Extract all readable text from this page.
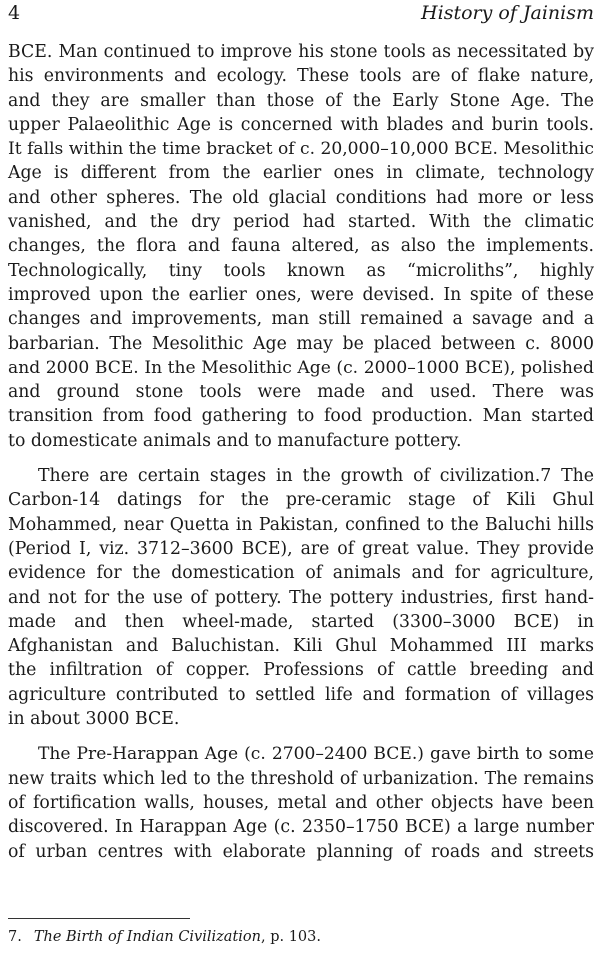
4	History of Jainism
BCE. Man continued to improve his stone tools as necessitated by
his environments and ecology. These tools are of flake nature,
and they are smaller than those of the Early Stone Age. The
upper Palaeolithic Age is concerned with blades and burin tools.
It falls within the time bracket of c. 20,000–10,000 BCE. Mesolithic
Age is different from the earlier ones in climate, technology
and other spheres. The old glacial conditions had more or less
vanished, and the dry period had started. With the climatic
changes, the flora and fauna altered, as also the implements.
Technologically, tiny tools known as “microliths”, highly
improved upon the earlier ones, were devised. In spite of these
changes and improvements, man still remained a savage and a
barbarian. The Mesolithic Age may be placed between c. 8000
and 2000 BCE. In the Mesolithic Age (c. 2000–1000 BCE), polished
and ground stone tools were made and used. There was
transition from food gathering to food production. Man started
to domesticate animals and to manufacture pottery.
There are certain stages in the growth of civilization.7 The
Carbon-14 datings for the pre-ceramic stage of Kili Ghul
Mohammed, near Quetta in Pakistan, confined to the Baluchi hills
(Period I, viz. 3712–3600 BCE), are of great value. They provide
evidence for the domestication of animals and for agriculture,
and not for the use of pottery. The pottery industries, first hand-
made and then wheel-made, started (3300–3000 BCE) in
Afghanistan and Baluchistan. Kili Ghul Mohammed III marks
the infiltration of copper. Professions of cattle breeding and
agriculture contributed to settled life and formation of villages
in about 3000 BCE.
The Pre-Harappan Age (c. 2700–2400 BCE.) gave birth to some
new traits which led to the threshold of urbanization. The remains
of fortification walls, houses, metal and other objects have been
discovered. In Harappan Age (c. 2350–1750 BCE) a large number
of urban centres with elaborate planning of roads and streets
7. The Birth of Indian Civilization, p. 103.
